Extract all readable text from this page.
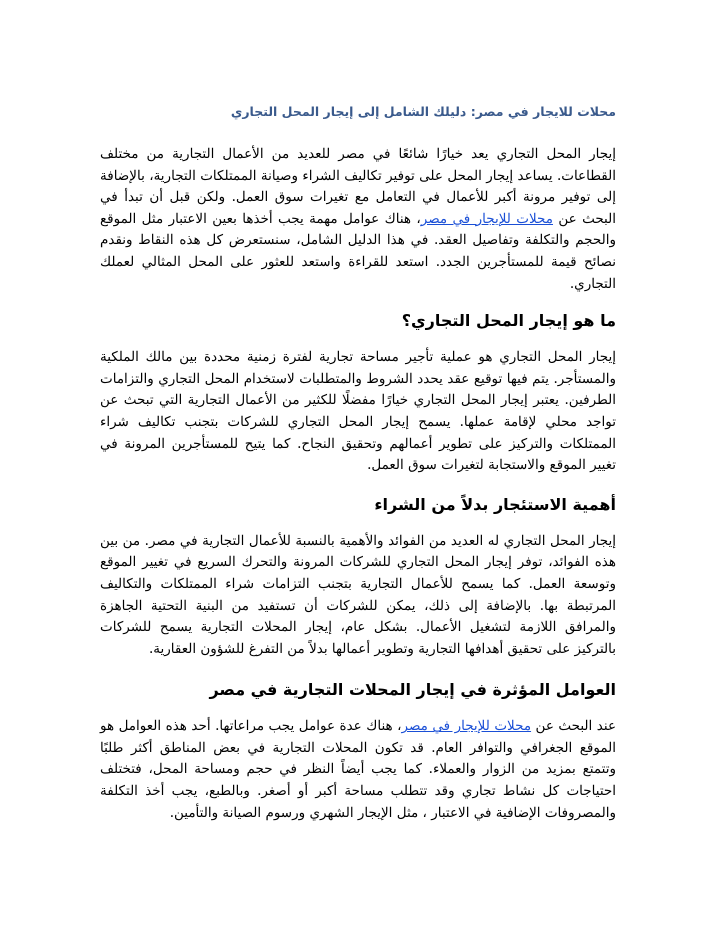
محلات للايجار في مصر: دليلك الشامل إلى إيجار المحل التجاري

إيجار المحل التجاري يعد خيارًا شائعًا في مصر للعديد من الأعمال التجارية من مختلف القطاعات. يساعد إيجار المحل على توفير تكاليف الشراء وصيانة الممتلكات التجارية، بالإضافة إلى توفير مرونة أكبر للأعمال في التعامل مع تغيرات سوق العمل. ولكن قبل أن تبدأ في البحث عن محلات للإيجار في مصر، هناك عوامل مهمة يجب أخذها بعين الاعتبار مثل الموقع والحجم والتكلفة وتفاصيل العقد. في هذا الدليل الشامل، سنستعرض كل هذه النقاط ونقدم نصائح قيمة للمستأجرين الجدد. استعد للقراءة واستعد للعثور على المحل المثالي لعملك التجاري.

ما هو إيجار المحل التجاري؟

إيجار المحل التجاري هو عملية تأجير مساحة تجارية لفترة زمنية محددة بين مالك الملكية والمستأجر. يتم فيها توقيع عقد يحدد الشروط والمتطلبات لاستخدام المحل التجاري والتزامات الطرفين. يعتبر إيجار المحل التجاري خيارًا مفضلًا للكثير من الأعمال التجارية التي تبحث عن تواجد محلي لإقامة عملها. يسمح إيجار المحل التجاري للشركات بتجنب تكاليف شراء الممتلكات والتركيز على تطوير أعمالهم وتحقيق النجاح. كما يتيح للمستأجرين المرونة في تغيير الموقع والاستجابة لتغيرات سوق العمل.

أهمية الاستئجار بدلاً من الشراء

إيجار المحل التجاري له العديد من الفوائد والأهمية بالنسبة للأعمال التجارية في مصر. من بين هذه الفوائد، توفر إيجار المحل التجاري للشركات المرونة والتحرك السريع في تغيير الموقع وتوسعة العمل. كما يسمح للأعمال التجارية بتجنب التزامات شراء الممتلكات والتكاليف المرتبطة بها. بالإضافة إلى ذلك، يمكن للشركات أن تستفيد من البنية التحتية الجاهزة والمرافق اللازمة لتشغيل الأعمال. بشكل عام، إيجار المحلات التجارية يسمح للشركات بالتركيز على تحقيق أهدافها التجارية وتطوير أعمالها بدلاً من التفرغ للشؤون العقارية.

العوامل المؤثرة في إيجار المحلات التجارية في مصر

عند البحث عن محلات للإيجار في مصر، هناك عدة عوامل يجب مراعاتها. أحد هذه العوامل هو الموقع الجغرافي والتوافر العام. قد تكون المحلات التجارية في بعض المناطق أكثر طلبًا وتتمتع بمزيد من الزوار والعملاء. كما يجب أيضاً النظر في حجم ومساحة المحل، فتختلف احتياجات كل نشاط تجاري وقد تتطلب مساحة أكبر أو أصغر. وبالطبع، يجب أخذ التكلفة والمصروفات الإضافية في الاعتبار ، مثل الإيجار الشهري ورسوم الصيانة والتأمين.
